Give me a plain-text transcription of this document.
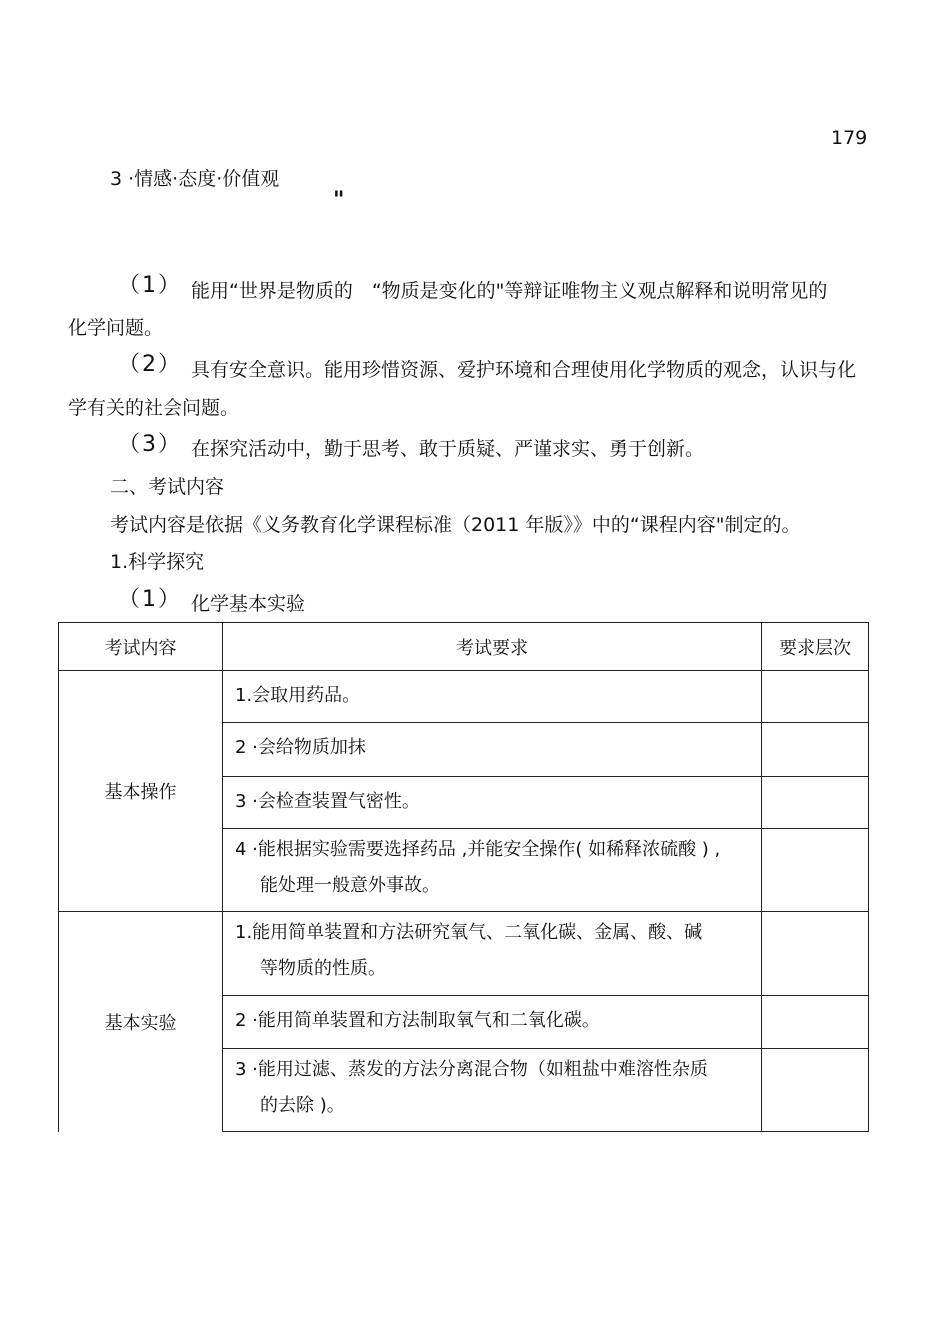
179
3 ·情感·态度·价值观
"
（1） 能用“世界是物质的　“物质是变化的"等辩证唯物主义观点解释和说明常见的
化学问题。
（2） 具有安全意识。能用珍惜资源、爱护环境和合理使用化学物质的观念，认识与化
学有关的社会问题。
（3） 在探究活动中，勤于思考、敢于质疑、严谨求实、勇于创新。
二、考试内容
考试内容是依据《义务教育化学课程标准（2011 年版》》中的“课程内容"制定的。
1.科学探究
（1） 化学基本实验
考试内容	考试要求	要求层次
基本操作	1.会取用药品。	

	2 ·会给物质加抹	

	3 ·会检查装置气密性。	

	4 ·能根据实验需要选择药品 ,并能安全操作( 如稀释浓硫酸 ) ,
能处理一般意外事故。	

基本实验	1.能用简单装置和方法研究氧气、二氧化碳、金属、酸、碱
等物质的性质。	

	2 ·能用简单装置和方法制取氧气和二氧化碳。	

	3 ·能用过滤、蒸发的方法分离混合物（如粗盐中难溶性杂质
的去除 )。	
